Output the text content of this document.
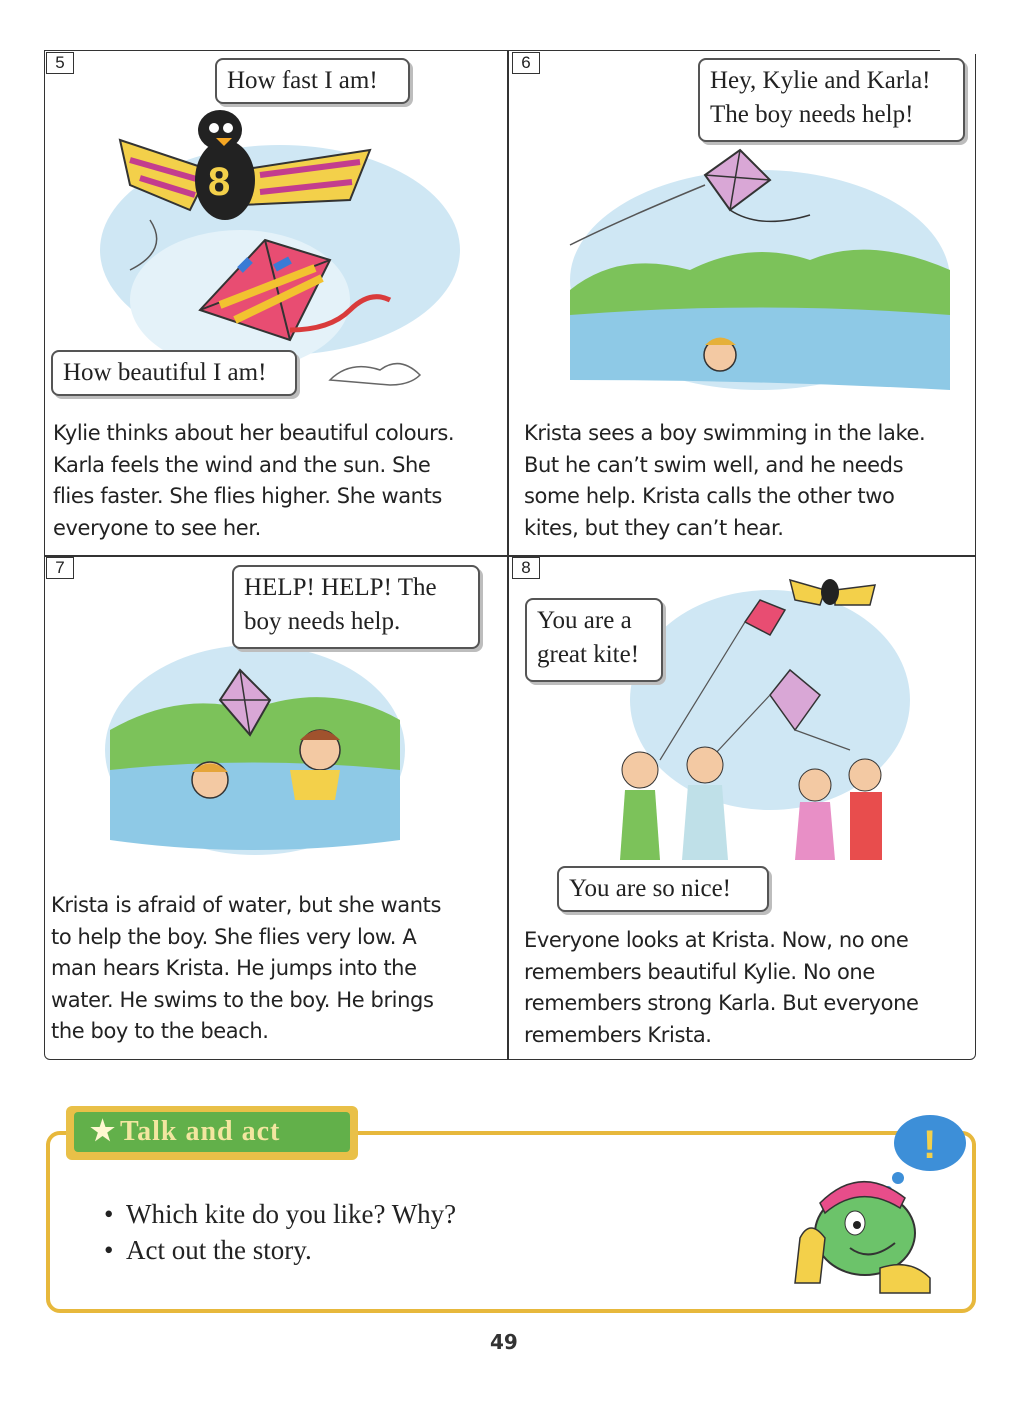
5
8
How fast I am!
How beautiful I am!
Kylie thinks about her beautiful colours.
Karla feels the wind and the sun. She
flies faster. She flies higher. She wants
everyone to see her.
6
Hey, Kylie and Karla!
The boy needs help!
Krista sees a boy swimming in the lake.
But he can’t swim well, and he needs
some help. Krista calls the other two
kites, but they can’t hear.
7
HELP! HELP! The
boy needs help.
Krista is afraid of water, but she wants
to help the boy. She flies very low. A
man hears Krista. He jumps into the
water. He swims to the boy. He brings
the boy to the beach.
8
You are a
great kite!
You are so nice!
Everyone looks at Krista. Now, no one
remembers beautiful Kylie. No one
remembers strong Karla. But everyone
remembers Krista.
★ Talk and act
• Which kite do you like? Why?
• Act out the story.
!
49
